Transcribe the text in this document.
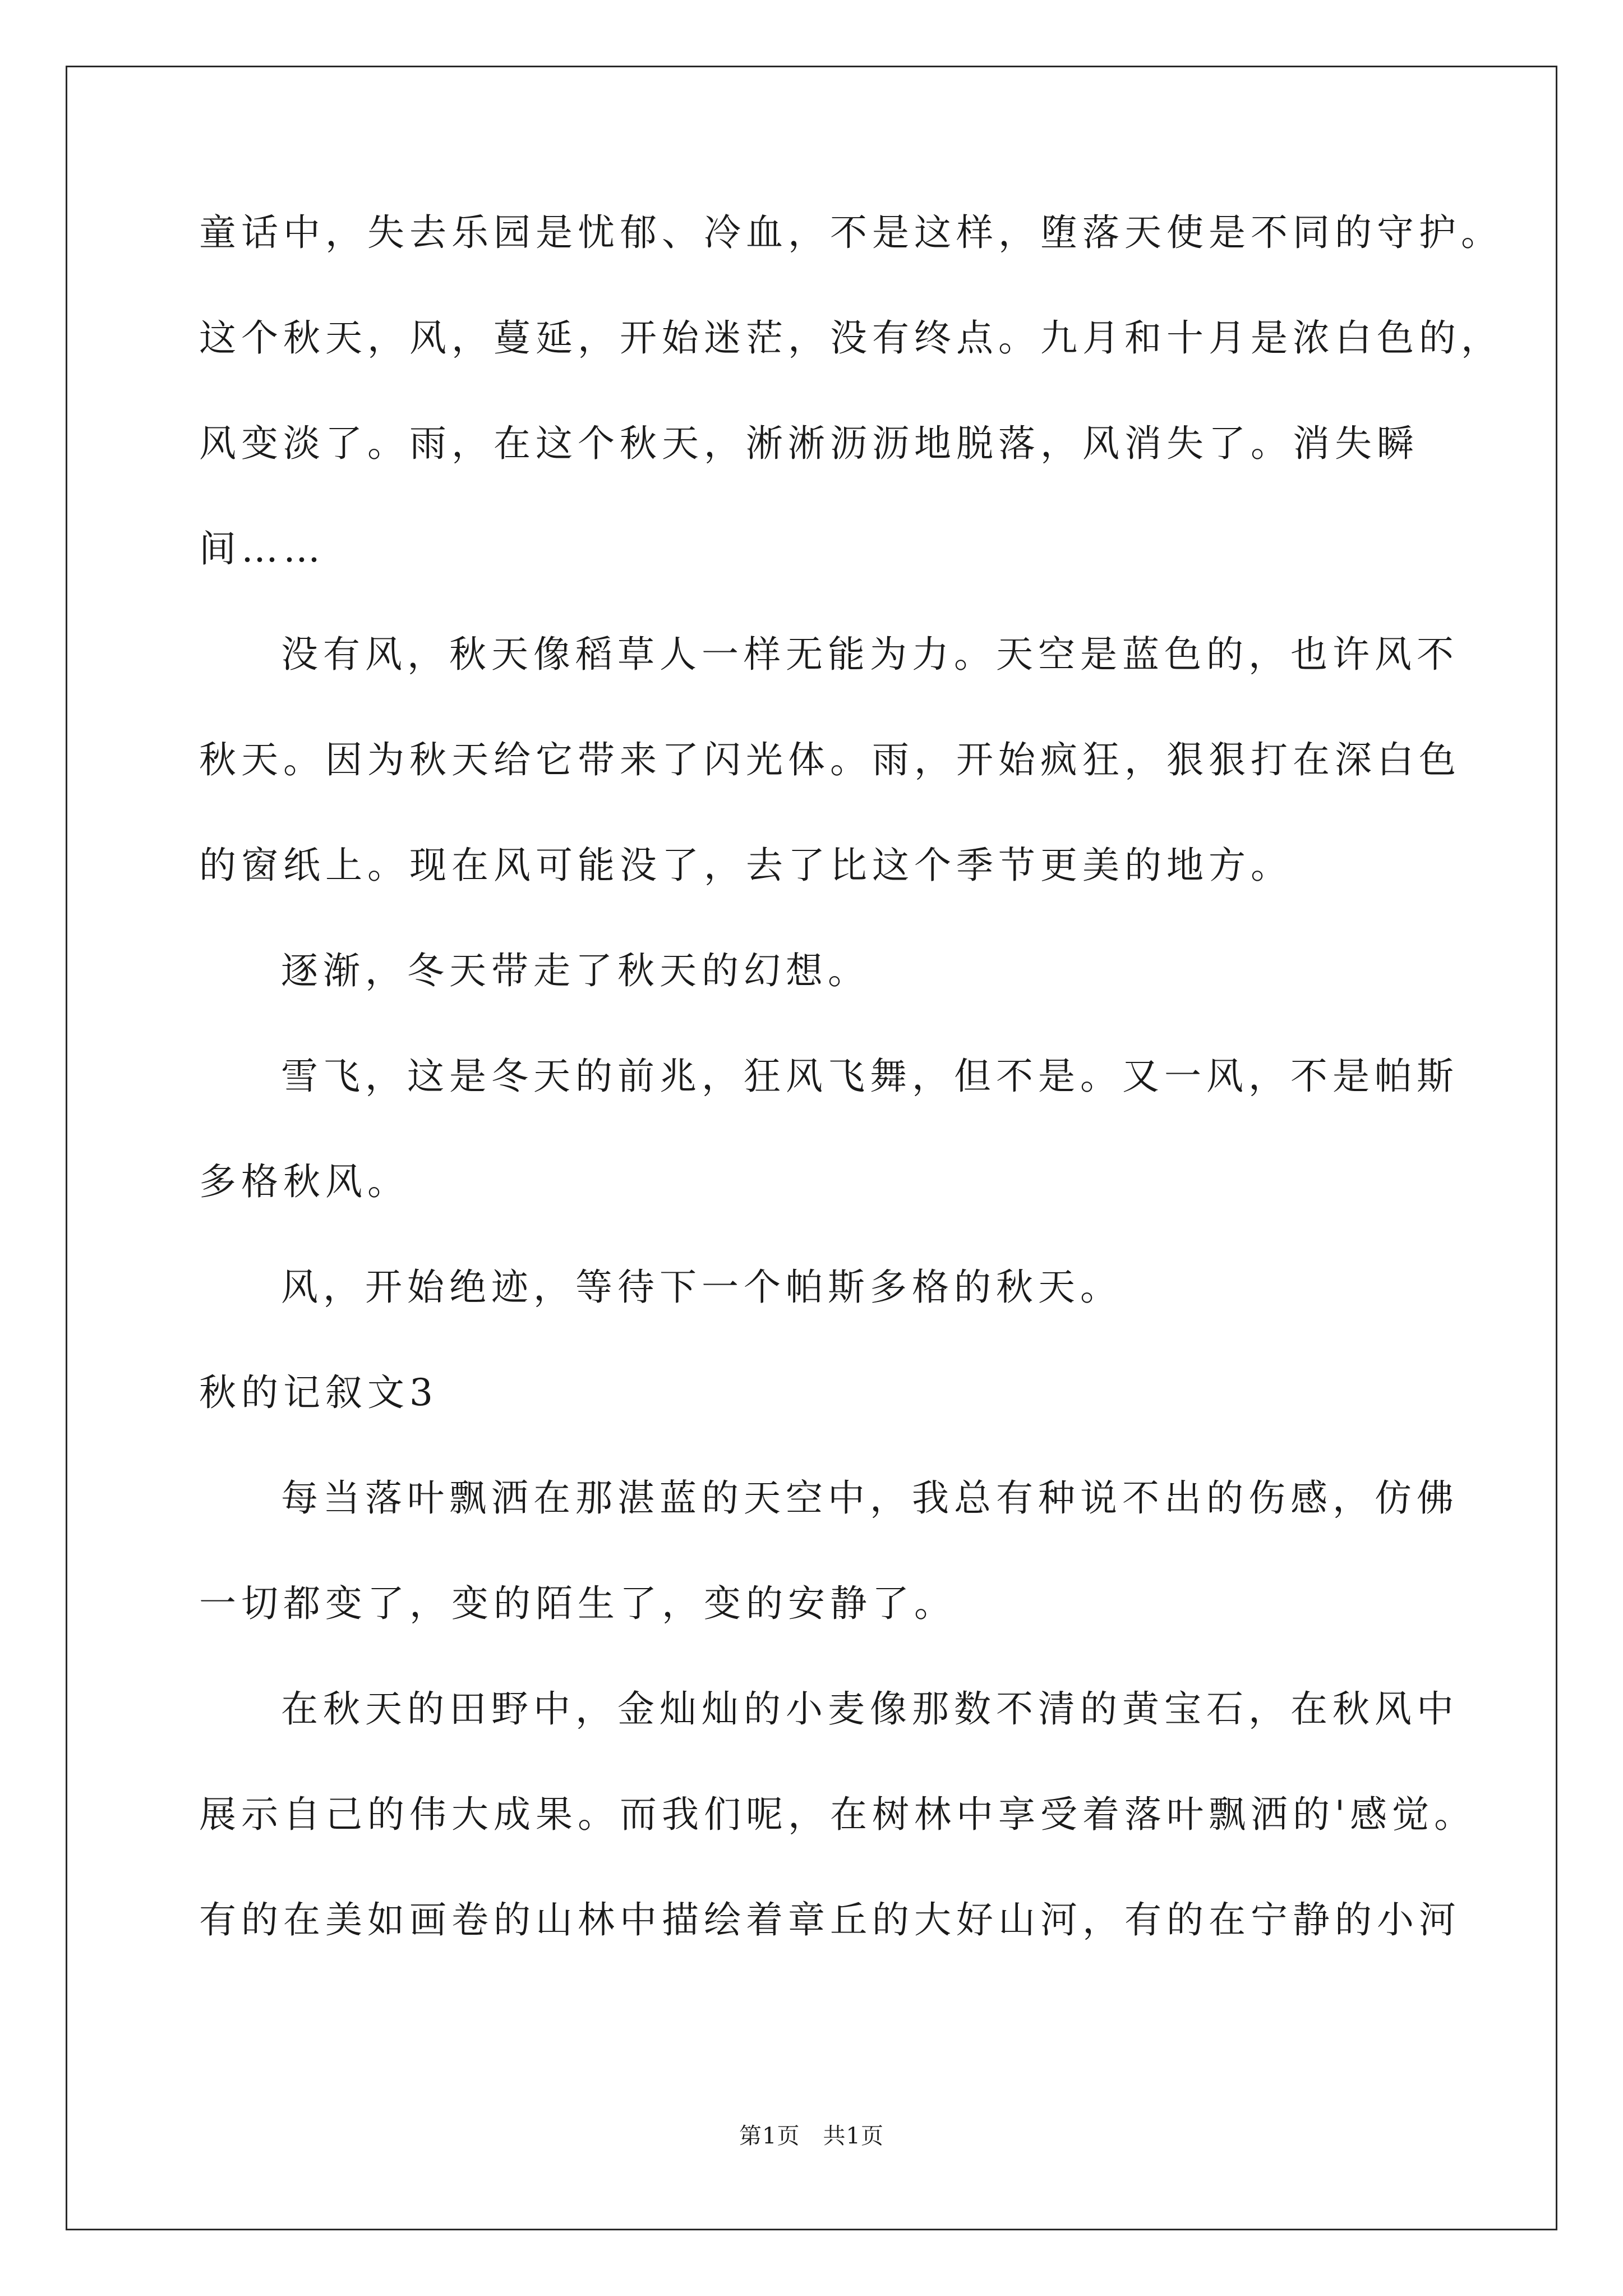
童话中，失去乐园是忧郁、冷血，不是这样，堕落天使是不同的守护。
这个秋天，风，蔓延，开始迷茫，没有终点。九月和十月是浓白色的，
风变淡了。雨，在这个秋天，淅淅沥沥地脱落，风消失了。消失瞬
间……
没有风，秋天像稻草人一样无能为力。天空是蓝色的，也许风不
秋天。因为秋天给它带来了闪光体。雨，开始疯狂，狠狠打在深白色
的窗纸上。现在风可能没了，去了比这个季节更美的地方。
逐渐，冬天带走了秋天的幻想。
雪飞，这是冬天的前兆，狂风飞舞，但不是。又一风，不是帕斯
多格秋风。
风，开始绝迹，等待下一个帕斯多格的秋天。
秋的记叙文3
每当落叶飘洒在那湛蓝的天空中，我总有种说不出的伤感，仿佛
一切都变了，变的陌生了，变的安静了。
在秋天的田野中，金灿灿的小麦像那数不清的黄宝石，在秋风中
展示自己的伟大成果。而我们呢，在树林中享受着落叶飘洒的'感觉。
有的在美如画卷的山林中描绘着章丘的大好山河，有的在宁静的小河
第1页　共1页
